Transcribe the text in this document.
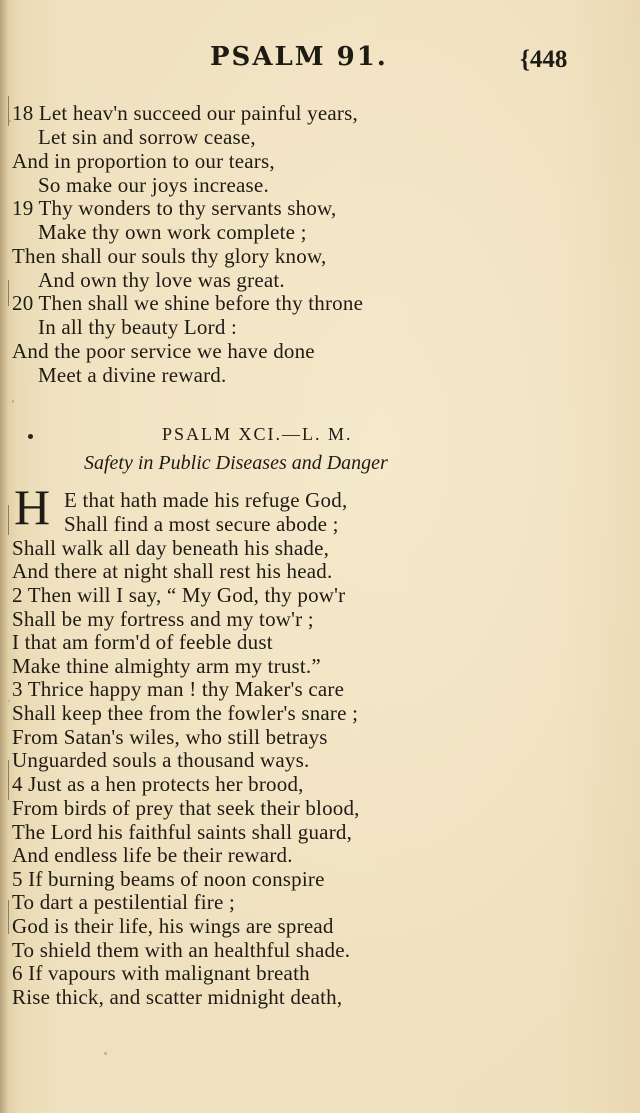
PSALM 91.	{448
18 Let heav'n succeed our painful years,
Let sin and sorrow cease,
And in proportion to our tears,
So make our joys increase.
19 Thy wonders to thy servants show,
Make thy own work complete ;
Then shall our souls thy glory know,
And own thy love was great.
20 Then shall we shine before thy throne
In all thy beauty Lord :
And the poor service we have done
Meet a divine reward.
PSALM XCI.—L. M.
Safety in Public Diseases and Danger
H E that hath made his refuge God,
Shall find a most secure abode ;
Shall walk all day beneath his shade,
And there at night shall rest his head.
2 Then will I say, “ My God, thy pow'r
Shall be my fortress and my tow'r ;
I that am form'd of feeble dust
Make thine almighty arm my trust.”
3 Thrice happy man ! thy Maker's care
Shall keep thee from the fowler's snare ;
From Satan's wiles, who still betrays
Unguarded souls a thousand ways.
4 Just as a hen protects her brood,
From birds of prey that seek their blood,
The Lord his faithful saints shall guard,
And endless life be their reward.
5 If burning beams of noon conspire
To dart a pestilential fire ;
God is their life, his wings are spread
To shield them with an healthful shade.
6 If vapours with malignant breath
Rise thick, and scatter midnight death,
